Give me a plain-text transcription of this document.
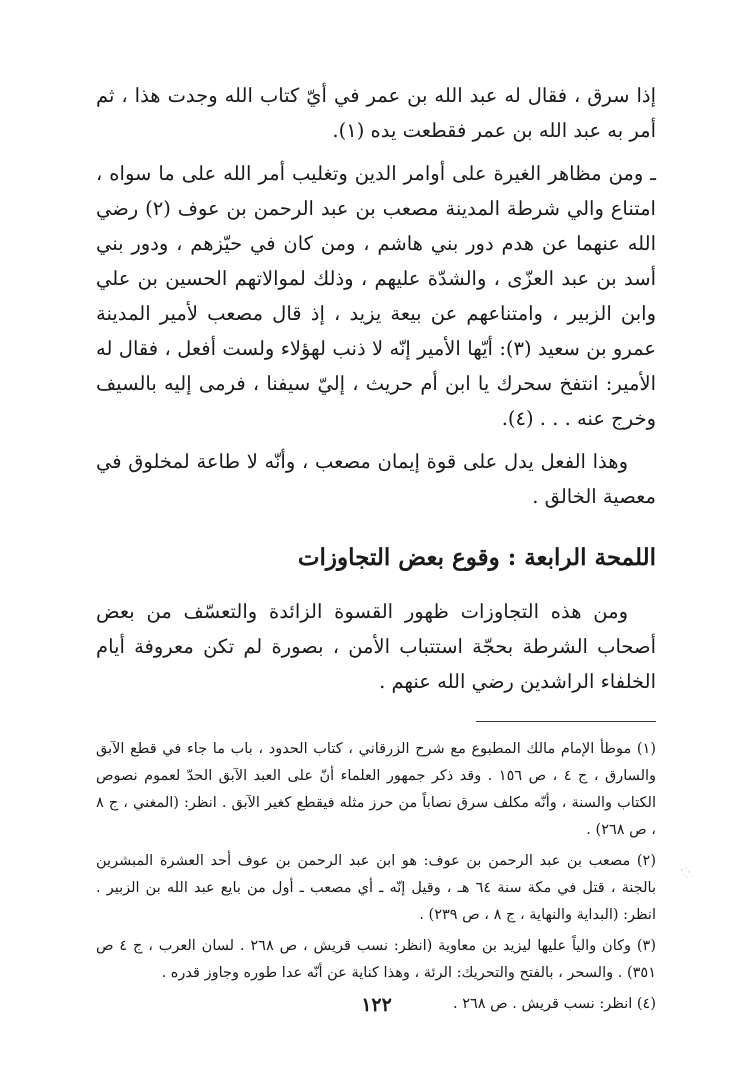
إذا سرق ، فقال له عبد الله بن عمر في أيّ كتاب الله وجدت هذا ، ثم أمر به عبد الله بن عمر فقطعت يده (١).

ـ ومن مظاهر الغيرة على أوامر الدين وتغليب أمر الله على ما سواه ، امتناع والي شرطة المدينة مصعب بن عبد الرحمن بن عوف (٢) رضي الله عنهما عن هدم دور بني هاشم ، ومن كان في حيّزهم ، ودور بني أسد بن عبد العزّى ، والشدّة عليهم ، وذلك لموالاتهم الحسين بن علي وابن الزبير ، وامتناعهم عن بيعة يزيد ، إذ قال مصعب لأمير المدينة عمرو بن سعيد (٣): أيّها الأمير إنّه لا ذنب لهؤلاء ولست أفعل ، فقال له الأمير: انتفخ سحرك يا ابن أم حريث ، إليّ سيفنا ، فرمى إليه بالسيف وخرج عنه . . . (٤).

وهذا الفعل يدل على قوة إيمان مصعب ، وأنّه لا طاعة لمخلوق في معصية الخالق .

اللمحة الرابعة : وقوع بعض التجاوزات

ومن هذه التجاوزات ظهور القسوة الزائدة والتعسّف من بعض أصحاب الشرطة بحجّة استتباب الأمن ، بصورة لم تكن معروفة أيام الخلفاء الراشدين رضي الله عنهم .

(١) موطأ الإمام مالك المطبوع مع شرح الزرقاني ، كتاب الحدود ، باب ما جاء في قطع الآبق والسارق ، ج ٤ ، ص ١٥٦ . وقد ذكر جمهور العلماء أنّ على العبد الآبق الحدّ لعموم نصوص الكتاب والسنة ، وأنّه مكلف سرق نصاباً من حرز مثله فيقطع كغير الآبق . انظر: (المغني ، ج ٨ ، ص ٢٦٨) .

(٢) مصعب بن عبد الرحمن بن عوف: هو ابن عبد الرحمن بن عوف أحد العشرة المبشرين بالجنة ، قتل في مكة سنة ٦٤ هـ ، وقيل إنّه ـ أي مصعب ـ أول من بايع عبد الله بن الزبير . انظر: (البداية والنهاية ، ج ٨ ، ص ٢٣٩) .

(٣) وكان والياً عليها ليزيد بن معاوية (انظر: نسب قريش ، ص ٢٦٨ . لسان العرب ، ج ٤ ص ٣٥١) . والسحر ، بالفتح والتحريك: الرئة ، وهذا كناية عن أنّه عدا طوره وجاوز قدره .

(٤) انظر: نسب قريش . ص ٢٦٨ .

١٢٢
